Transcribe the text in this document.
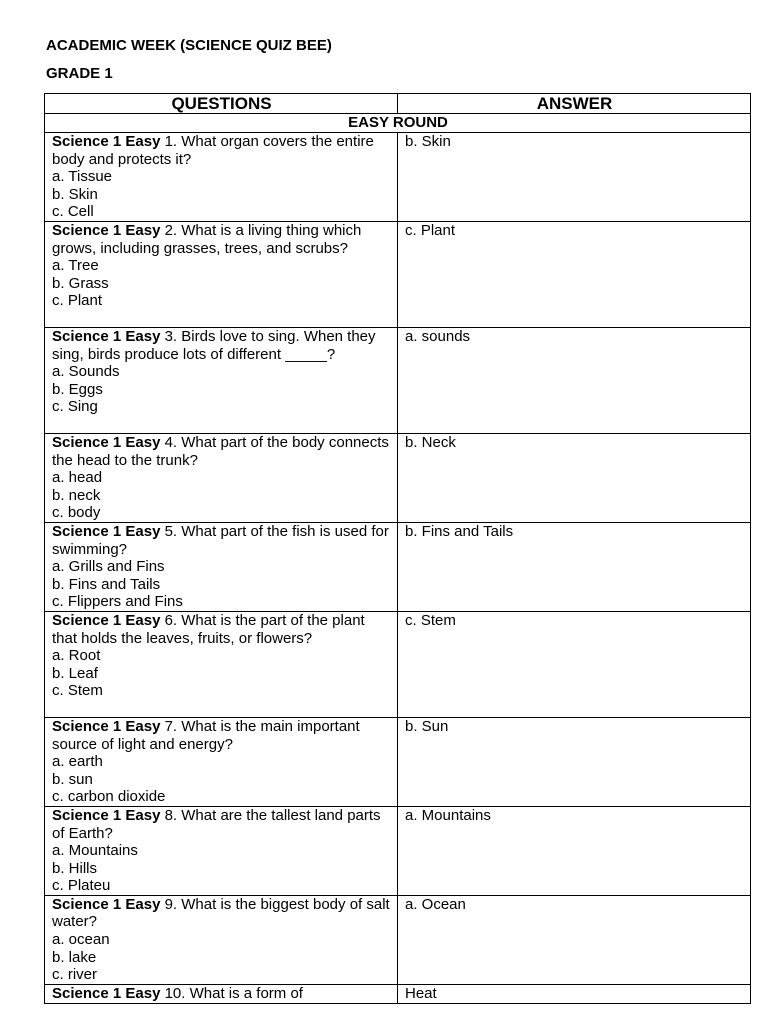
ACADEMIC WEEK (SCIENCE QUIZ BEE)
GRADE 1
QUESTIONS	ANSWER
EASY ROUND	
Science 1 Easy 1. What organ covers the entire body and protects it?
a. Tissue
b. Skin
c. Cell	b. Skin
Science 1 Easy 2. What is a living thing which grows, including grasses, trees, and scrubs?
a. Tree
b. Grass
c. Plant	c. Plant
Science 1 Easy 3. Birds love to sing. When they sing, birds produce lots of different _____?
a. Sounds
b. Eggs
c. Sing	a. sounds
Science 1 Easy 4. What part of the body connects the head to the trunk?
a. head
b. neck
c. body	b. Neck
Science 1 Easy 5. What part of the fish is used for swimming?
a. Grills and Fins
b. Fins and Tails
c. Flippers and Fins	b. Fins and Tails
Science 1 Easy 6. What is the part of the plant that holds the leaves, fruits, or flowers?
a. Root
b. Leaf
c. Stem	c. Stem
Science 1 Easy 7. What is the main important source of light and energy?
a. earth
b. sun
c. carbon dioxide	b. Sun
Science 1 Easy 8. What are the tallest land parts of Earth?
a. Mountains
b. Hills
c. Plateu	a. Mountains
Science 1 Easy 9. What is the biggest body of salt water?
a. ocean
b. lake
c. river	a. Ocean
Science 1 Easy 10. What is a form of	Heat
